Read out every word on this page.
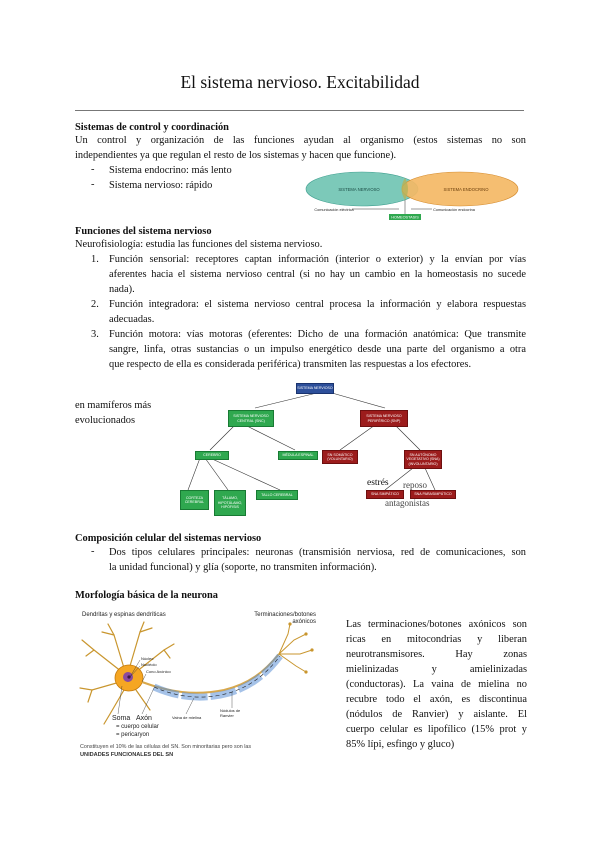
El sistema nervioso. Excitabilidad
Sistemas de control y coordinación
Un control y organización de las funciones ayudan al organismo (estos sistemas no son
independientes ya que regulan el resto de los sistemas y hacen que funcione).
- Sistema endocrino: más lento
- Sistema nervioso: rápido	SISTEMA NERVIOSO	SISTEMA ENDOCRINO
Comunicación eléctrica	Comunicación endocrina
HOMEOSTASIS
Funciones del sistema nervioso
Neurofisiología: estudia las funciones del sistema nervioso.
1. Función sensorial: receptores captan información (interior o exterior) y la envían por vías
aferentes hacia el sistema nervioso central (si no hay un cambio en la homeostasis no sucede
nada).
2. Función integradora: el sistema nervioso central procesa la información y elabora respuestas
adecuadas.
3. Función motora: vías motoras (eferentes: Dicho de una formación anatómica: Que transmite
sangre, linfa, otras sustancias o un impulso energético desde una parte del organismo a otra
que respecto de ella es considerada periférica) transmiten las respuestas a los efectores.
en mamíferos más
evolucionados
SISTEMA NERVIOSO
SISTEMA NERVIOSO
CENTRAL (SNC)
SISTEMA NERVIOSO
PERIFÉRICO (SNP)
CEREBRO	MÉDULA ESPINAL	SN SOMÁTICO
(VOLUNTARIO)
SN AUTÓNOMO
VEGETATIVO (SNA)
(INVOLUNTARIO)
CORTEZA
CEREBRAL
TÁLAMO,
HIPOTÁLAMO,
HIPÓFISIS
TALLO CEREBRAL	SNA SIMPÁTICO	SNA PARASIMPÁTICO
estrés reposo
antagonistas
Composición celular del sistemas nervioso
- Dos tipos celulares principales: neuronas (transmisión nerviosa, red de comunicaciones, son
la unidad funcional) y glía (soporte, no transmiten información).
Morfología básica de la neurona
Dendritas y espinas dendríticas	Terminaciones/botones
axónicos
Núcleo
Nucléolo
Cono Axónico
Soma Axón
= cuerpo celular
= pericaryon
Vaina de mielina
Nódulos de
Ranvier
Constituyen el 10% de las células del SN. Son minoritarias pero son las
UNIDADES FUNCIONALES DEL SN
Las terminaciones/botones axónicos son
ricas en mitocondrias y liberan
neurotransmisores. Hay zonas
mielinizadas y amielinizadas
(conductoras). La vaina de mielina no
recubre todo el axón, es discontinua
(nódulos de Ranvier) y aislante. El
cuerpo celular es lipofílico (15% prot y
85% lípi, esfingo y gluco)
